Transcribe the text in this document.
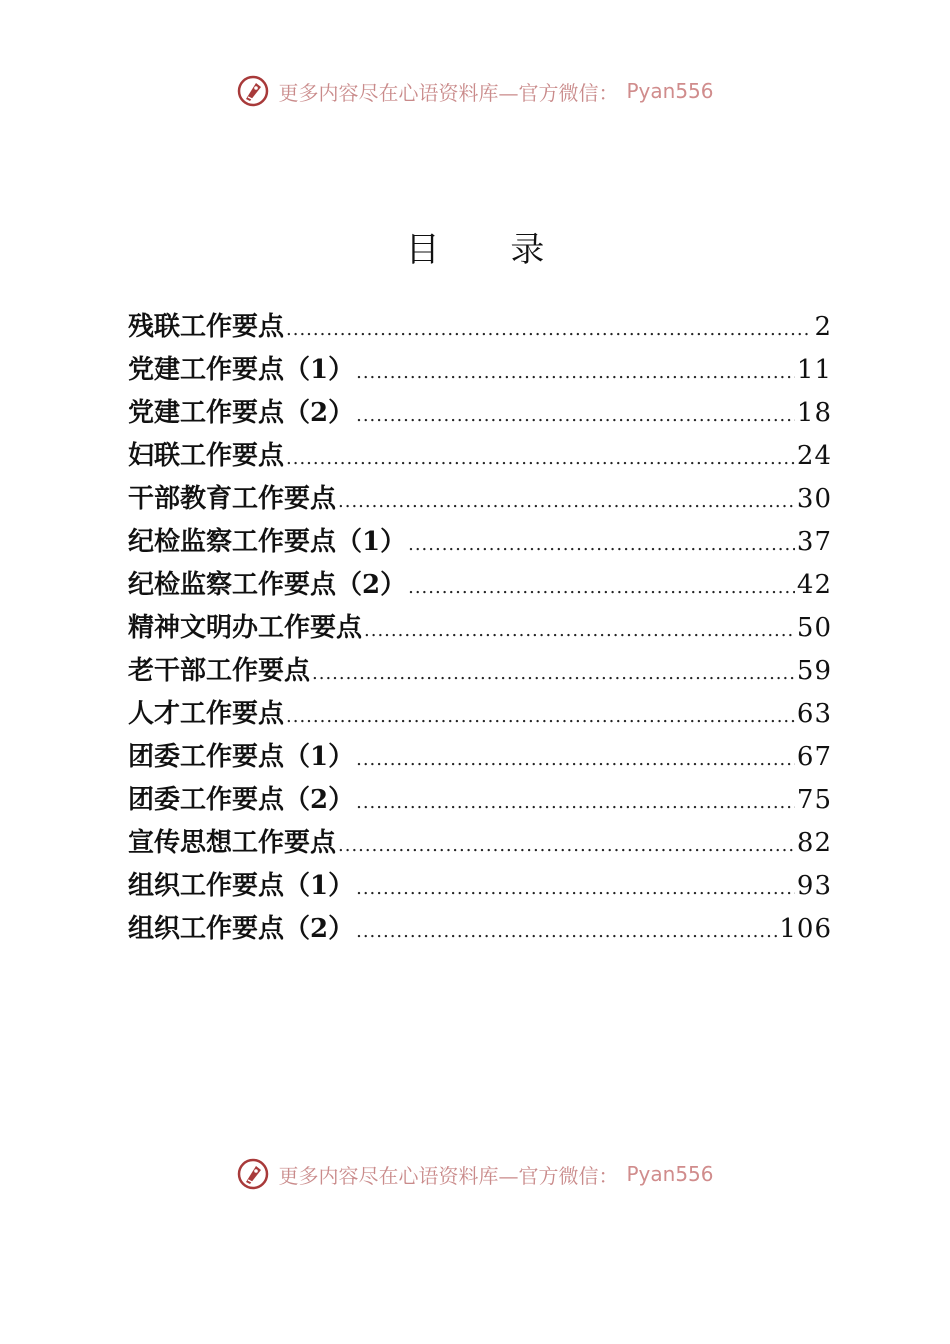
更多内容尽在心语资料库—官方微信： Pyan556
目 录
残联工作要点 .....	2
党建工作要点（1） .....	11
党建工作要点（2） .....	18
妇联工作要点 .....	24
干部教育工作要点 .....	30
纪检监察工作要点（1） .....	37
纪检监察工作要点（2） .....	42
精神文明办工作要点 .....	50
老干部工作要点 .....	59
人才工作要点 .....	63
团委工作要点（1） .....	67
团委工作要点（2） .....	75
宣传思想工作要点 .....	82
组织工作要点（1） .....	93
组织工作要点（2） .....	106
更多内容尽在心语资料库—官方微信： Pyan556
